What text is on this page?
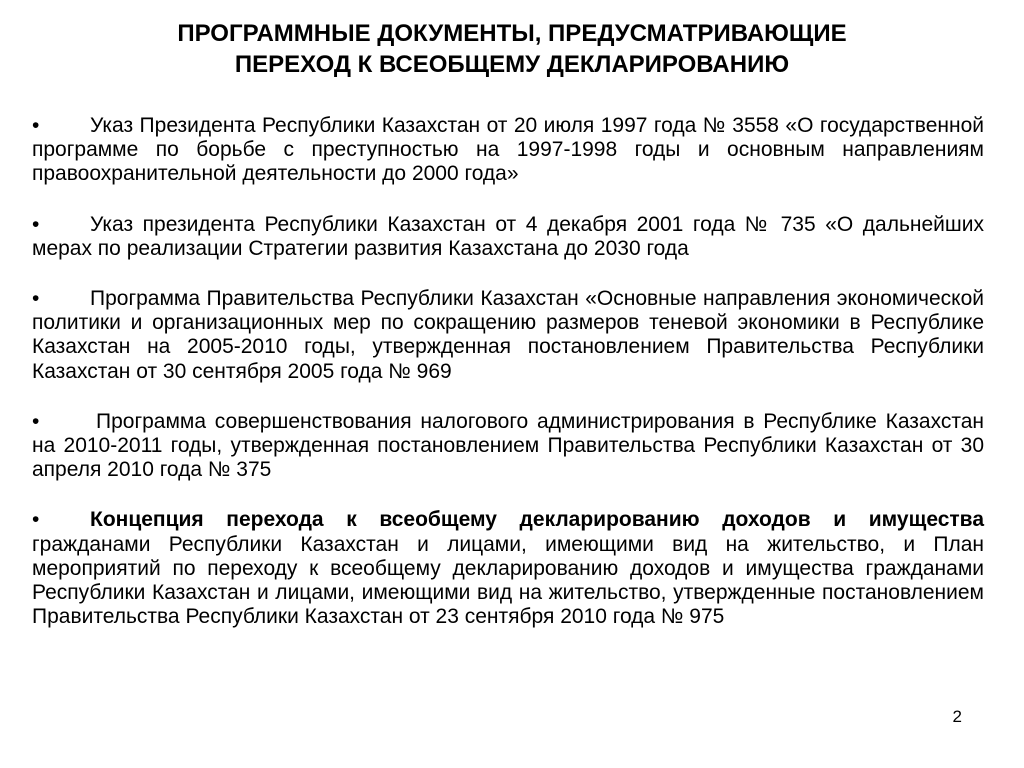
ПРОГРАММНЫЕ ДОКУМЕНТЫ, ПРЕДУСМАТРИВАЮЩИЕ
ПЕРЕХОД К ВСЕОБЩЕМУ ДЕКЛАРИРОВАНИЮ

• Указ Президента Республики Казахстан от 20 июля 1997 года № 3558 «О государственной программе по борьбе с преступностью на 1997-1998 годы и основным направлениям правоохранительной деятельности до 2000 года»

• Указ президента Республики Казахстан от 4 декабря 2001 года № 735 «О дальнейших мерах по реализации Стратегии развития Казахстана до 2030 года

• Программа Правительства Республики Казахстан «Основные направления экономической политики и организационных мер по сокращению размеров теневой экономики в Республике Казахстан на 2005-2010 годы, утвержденная постановлением Правительства Республики Казахстан от 30 сентября 2005 года № 969

•	Программа совершенствования налогового администрирования в Республике Казахстан на 2010-2011 годы, утвержденная постановлением Правительства Республики Казахстан от 30 апреля 2010 года № 375

• Концепция перехода к всеобщему декларированию доходов и имущества гражданами Республики Казахстан и лицами, имеющими вид на жительство, и План мероприятий по переходу к всеобщему декларированию доходов и имущества гражданами Республики Казахстан и лицами, имеющими вид на жительство, утвержденные постановлением Правительства Республики Казахстан от 23 сентября 2010 года № 975

2
